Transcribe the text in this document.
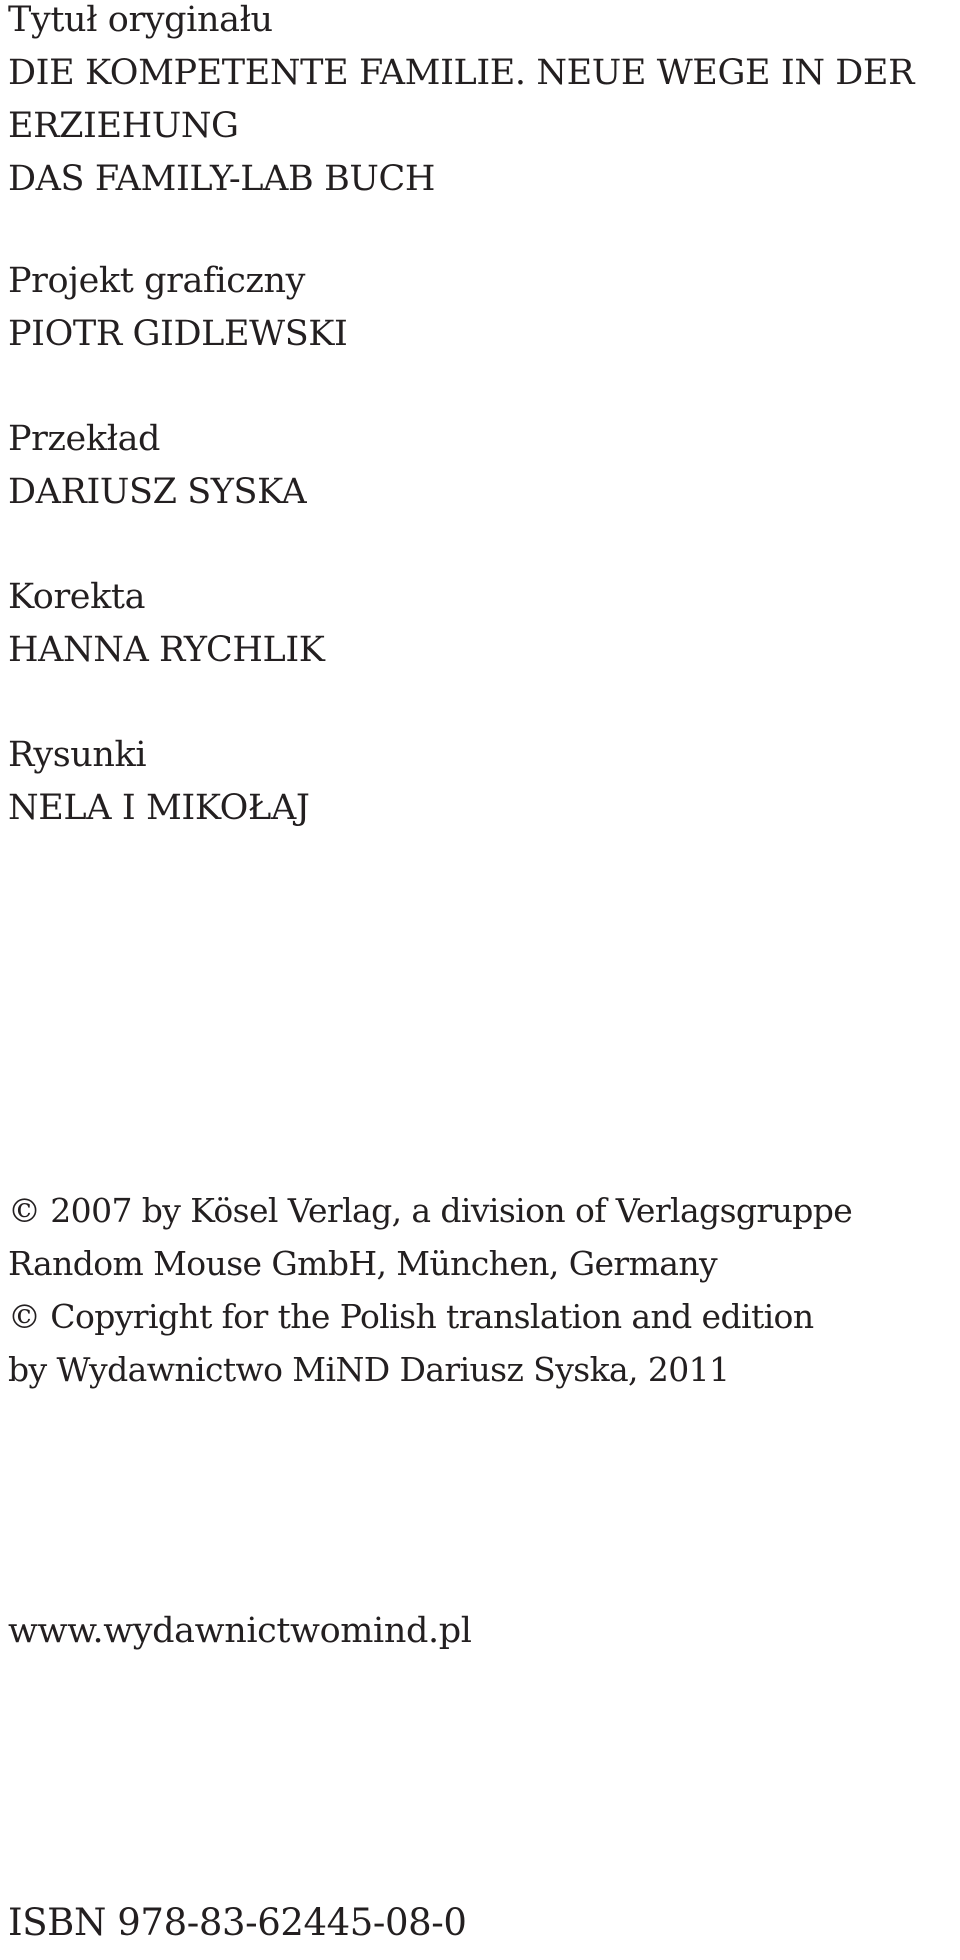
Tytuł oryginału
DIE KOMPETENTE FAMILIE. NEUE WEGE IN DER
ERZIEHUNG
DAS FAMILY-LAB BUCH
Projekt graficzny
PIOTR GIDLEWSKI
Przekład
DARIUSZ SYSKA
Korekta
HANNA RYCHLIK
Rysunki
NELA I MIKOŁAJ
© 2007 by Kösel Verlag, a division of Verlagsgruppe
Random Mouse GmbH, München, Germany
© Copyright for the Polish translation and edition
by Wydawnictwo MiND Dariusz Syska, 2011
www.wydawnictwomind.pl
ISBN 978-83-62445-08-0
